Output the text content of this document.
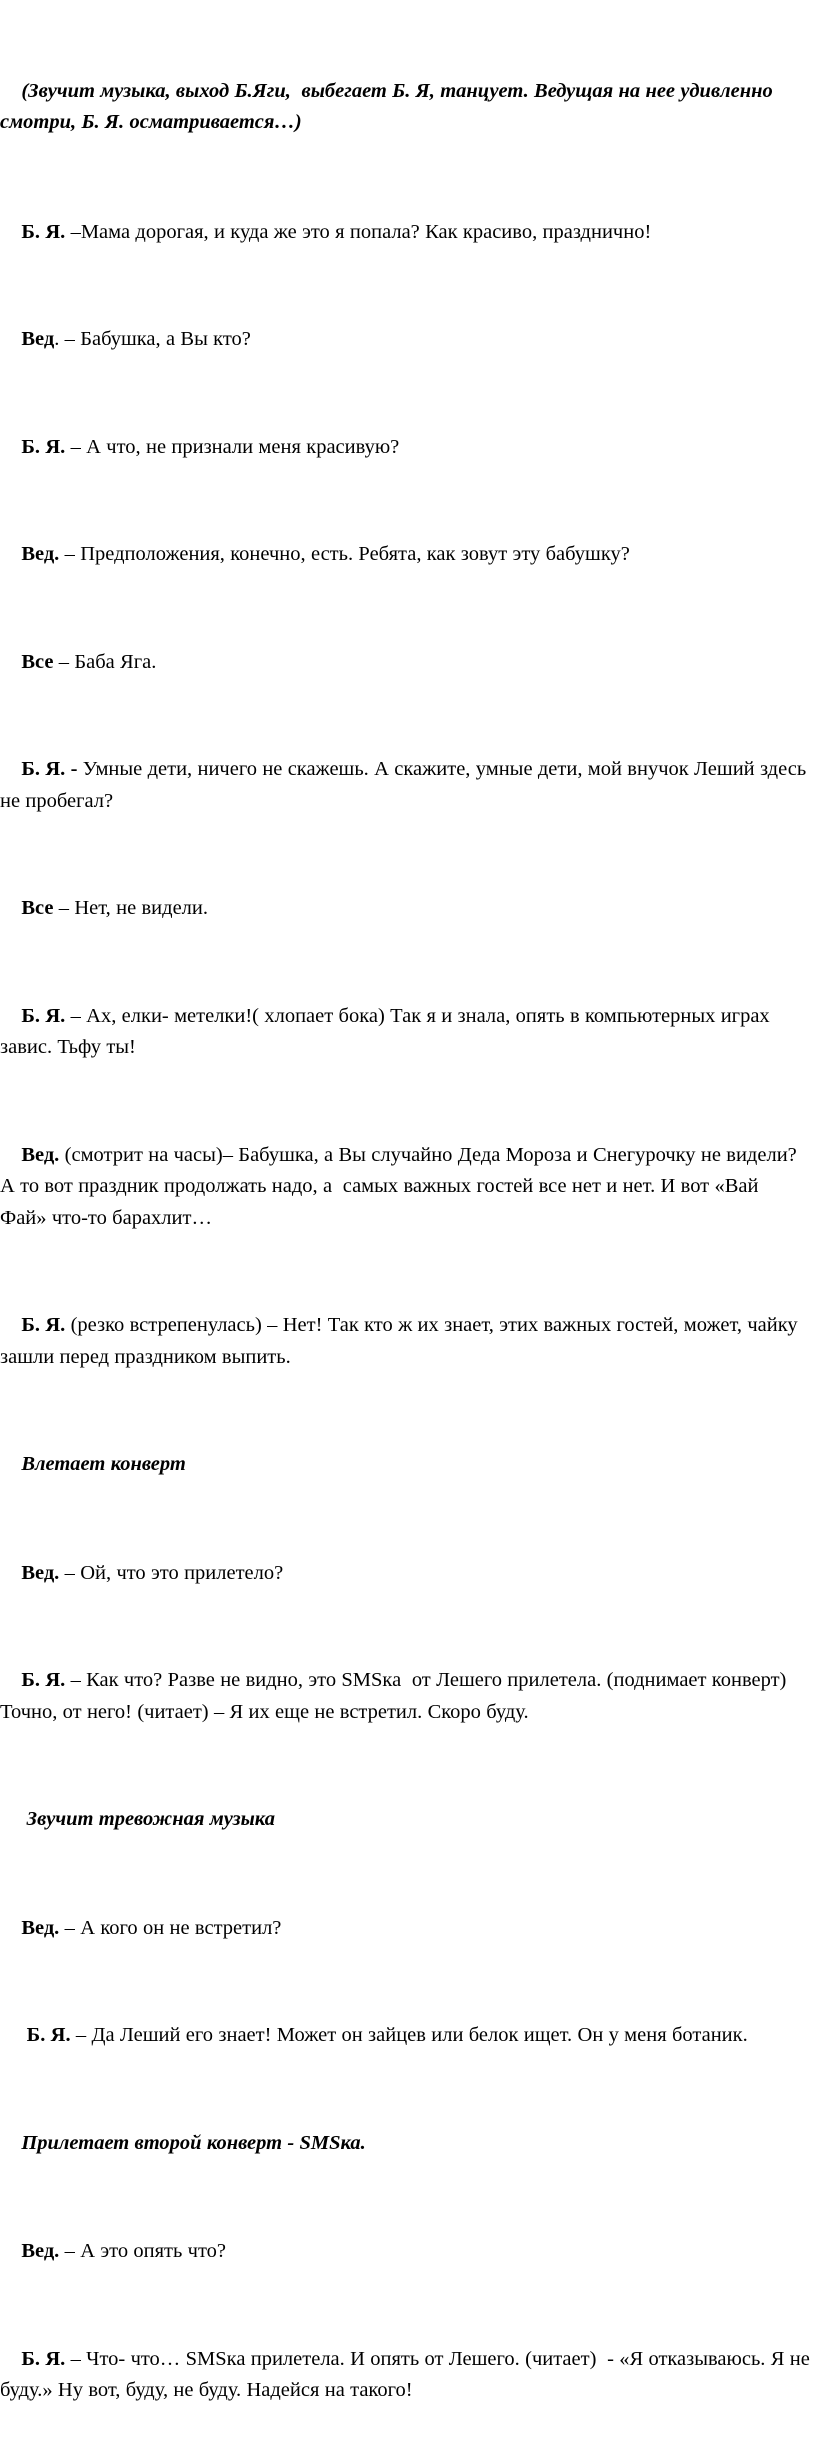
(Звучит музыка, выход Б.Яги,  выбегает Б. Я, танцует. Ведущая на нее удивленно смотри, Б. Я. осматривается…)

Б. Я. –Мама дорогая, и куда же это я попала? Как красиво, празднично!

Вед. – Бабушка, а Вы кто?

Б. Я. – А что, не признали меня красивую?

Вед. – Предположения, конечно, есть. Ребята, как зовут эту бабушку?

Все – Баба Яга.

Б. Я. - Умные дети, ничего не скажешь. А скажите, умные дети, мой внучок Леший здесь не пробегал?

Все – Нет, не видели.

Б. Я. – Ах, елки- метелки!( хлопает бока) Так я и знала, опять в компьютерных играх завис. Тьфу ты!

Вед. (смотрит на часы)– Бабушка, а Вы случайно Деда Мороза и Снегурочку не видели? А то вот праздник продолжать надо, а  самых важных гостей все нет и нет. И вот «Вай Фай» что-то барахлит…

Б. Я. (резко встрепенулась) – Нет! Так кто ж их знает, этих важных гостей, может, чайку зашли перед праздником выпить.

Влетает конверт

Вед. – Ой, что это прилетело?

Б. Я. – Как что? Разве не видно, это SMSка  от Лешего прилетела. (поднимает конверт) Точно, от него! (читает) – Я их еще не встретил. Скоро буду.

Звучит тревожная музыка

Вед. – А кого он не встретил?

Б. Я. – Да Леший его знает! Может он зайцев или белок ищет. Он у меня ботаник.

Прилетает второй конверт - SMSка.

Вед. – А это опять что?

Б. Я. – Что- что… SMSка прилетела. И опять от Лешего. (читает)  - «Я отказываюсь. Я не буду.» Ну вот, буду, не буду. Надейся на такого!
